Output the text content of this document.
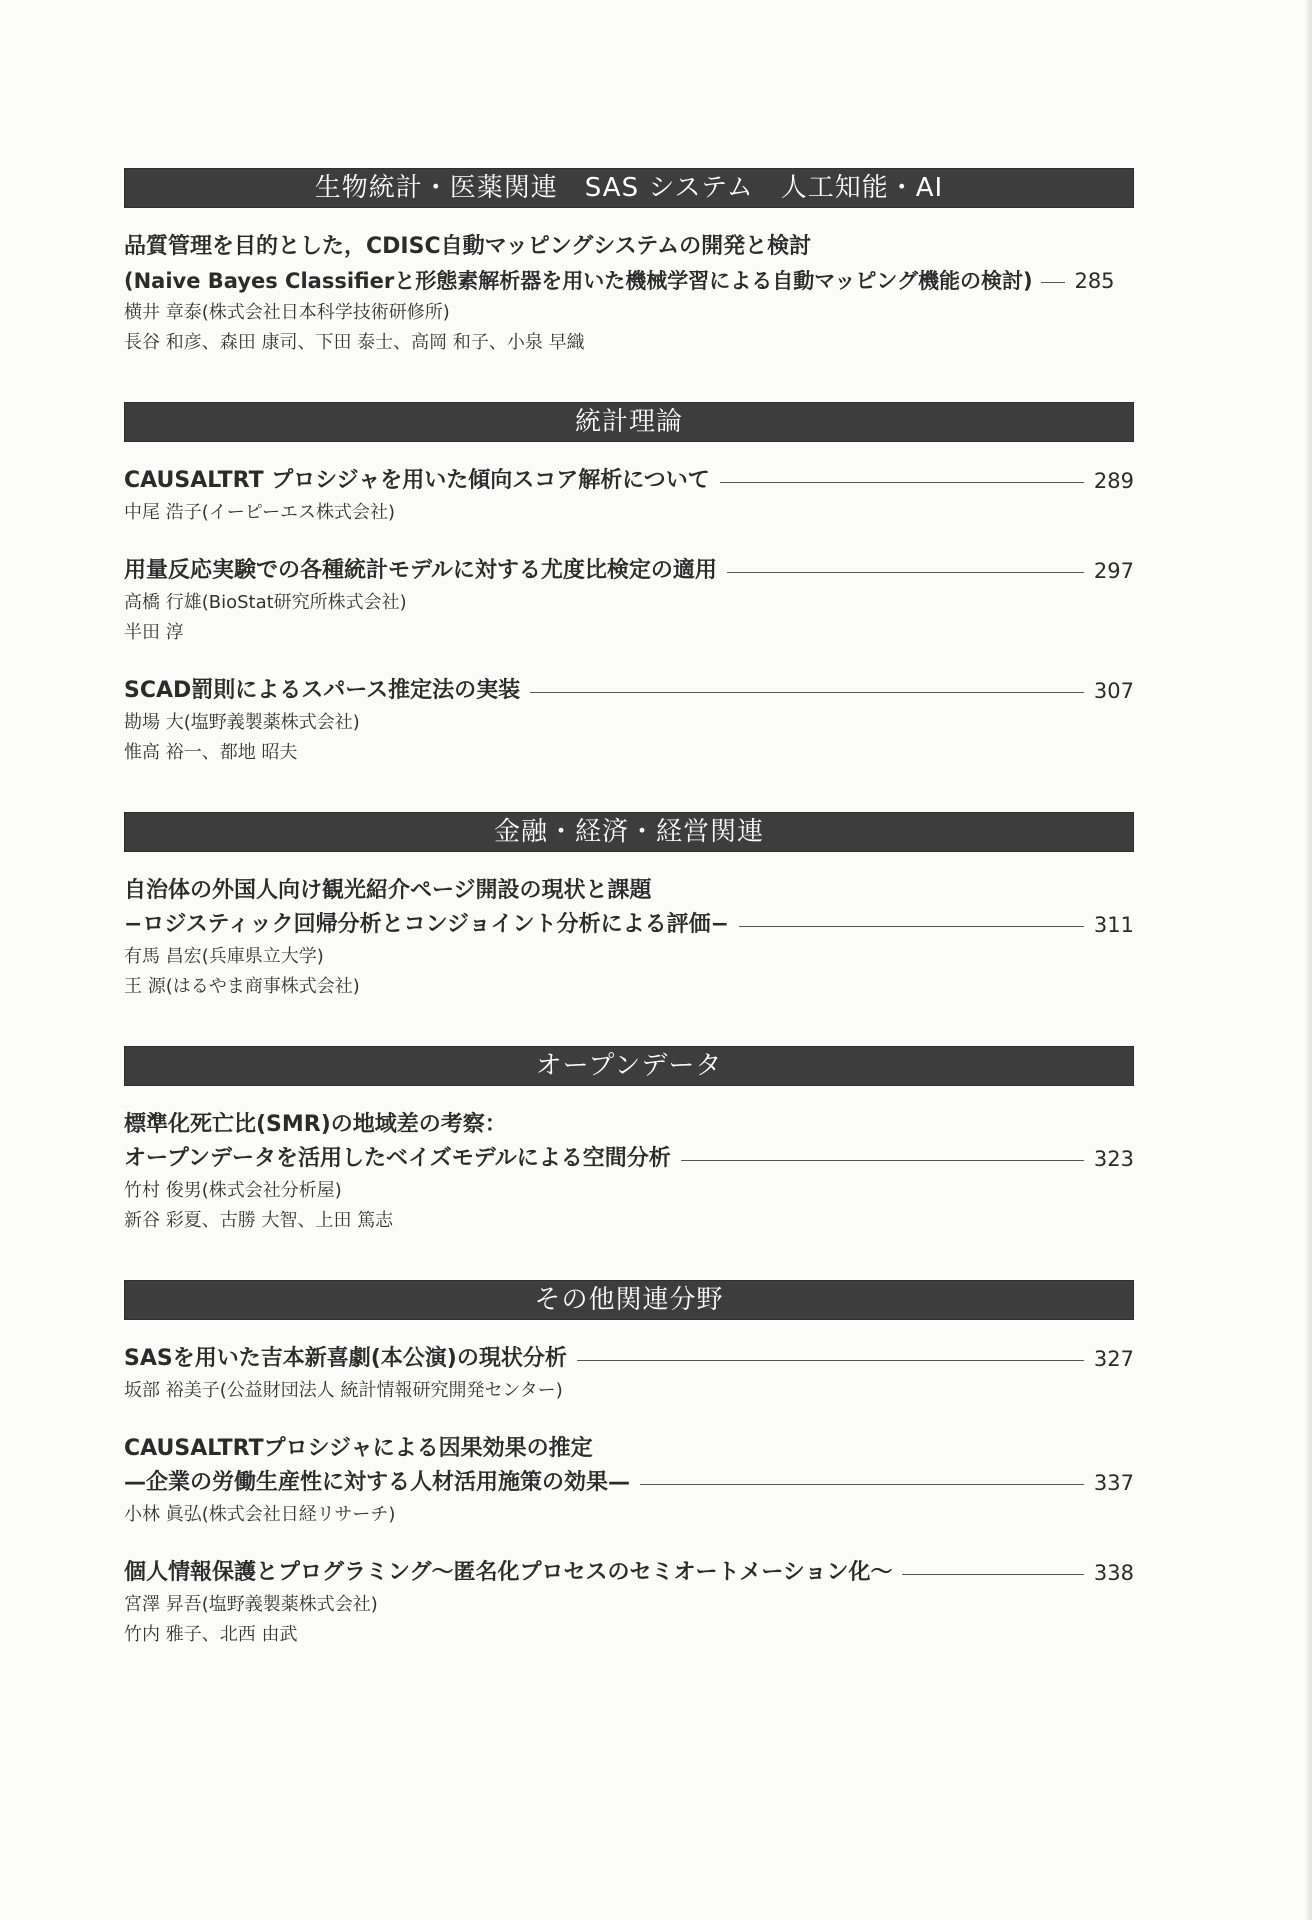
生物統計・医薬関連　SAS システム　人工知能・AI
品質管理を目的とした，CDISC自動マッピングシステムの開発と検討
(Naive Bayes Classifierと形態素解析器を用いた機械学習による自動マッピング機能の検討) 285
横井 章泰(株式会社日本科学技術研修所)
長谷 和彦、森田 康司、下田 泰士、高岡 和子、小泉 早織
統計理論
CAUSALTRT プロシジャを用いた傾向スコア解析について	289
中尾 浩子(イーピーエス株式会社)
用量反応実験での各種統計モデルに対する尤度比検定の適用	297
高橋 行雄(BioStat研究所株式会社)
半田 淳
SCAD罰則によるスパース推定法の実装	307
勘場 大(塩野義製薬株式会社)
惟高 裕一、都地 昭夫
金融・経済・経営関連
自治体の外国人向け観光紹介ページ開設の現状と課題
−ロジスティック回帰分析とコンジョイント分析による評価−	311
有馬 昌宏(兵庫県立大学)
王 源(はるやま商事株式会社)
オープンデータ
標準化死亡比(SMR)の地域差の考察：
オープンデータを活用したベイズモデルによる空間分析	323
竹村 俊男(株式会社分析屋)
新谷 彩夏、古勝 大智、上田 篤志
その他関連分野
SASを用いた吉本新喜劇(本公演)の現状分析	327
坂部 裕美子(公益財団法人 統計情報研究開発センター)
CAUSALTRTプロシジャによる因果効果の推定
—企業の労働生産性に対する人材活用施策の効果—	337
小林 眞弘(株式会社日経リサーチ)
個人情報保護とプログラミング〜匿名化プロセスのセミオートメーション化〜	338
宮澤 昇吾(塩野義製薬株式会社)
竹内 雅子、北西 由武
